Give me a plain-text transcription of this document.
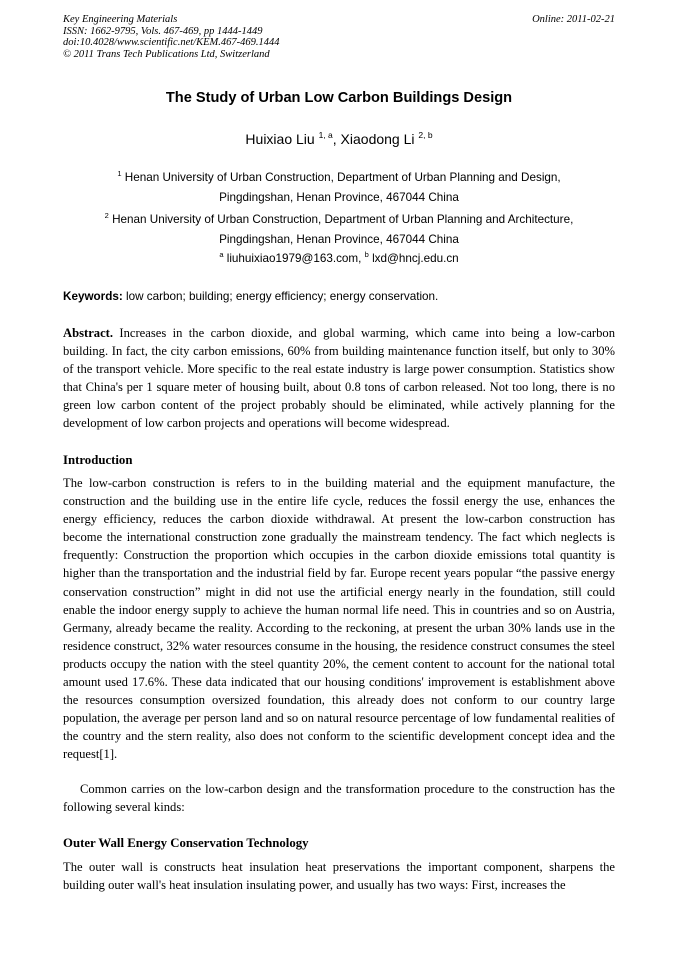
Key Engineering Materials
ISSN: 1662-9795, Vols. 467-469, pp 1444-1449
doi:10.4028/www.scientific.net/KEM.467-469.1444
© 2011 Trans Tech Publications Ltd, Switzerland
Online: 2011-02-21
The Study of Urban Low Carbon Buildings Design
Huixiao Liu $^{1, a}$, Xiaodong Li $^{2, b}$
$^1$ Henan University of Urban Construction, Department of Urban Planning and Design,
Pingdingshan, Henan Province, 467044 China
$^2$ Henan University of Urban Construction, Department of Urban Planning and Architecture,
Pingdingshan, Henan Province, 467044 China
$^a$ liuhuixiao1979@163.com, $^b$ lxd@hncj.edu.cn
Keywords: low carbon; building; energy efficiency; energy conservation.
Abstract. Increases in the carbon dioxide, and global warming, which came into being a low-carbon building. In fact, the city carbon emissions, 60% from building maintenance function itself, but only to 30% of the transport vehicle. More specific to the real estate industry is large power consumption. Statistics show that China's per 1 square meter of housing built, about 0.8 tons of carbon released. Not too long, there is no green low carbon content of the project probably should be eliminated, while actively planning for the development of low carbon projects and operations will become widespread.
Introduction
The low-carbon construction is refers to in the building material and the equipment manufacture, the construction and the building use in the entire life cycle, reduces the fossil energy the use, enhances the energy efficiency, reduces the carbon dioxide withdrawal. At present the low-carbon construction has become the international construction zone gradually the mainstream tendency. The fact which neglects is frequently: Construction the proportion which occupies in the carbon dioxide emissions total quantity is higher than the transportation and the industrial field by far. Europe recent years popular “the passive energy conservation construction” might in did not use the artificial energy nearly in the foundation, still could enable the indoor energy supply to achieve the human normal life need. This in countries and so on Austria, Germany, already became the reality. According to the reckoning, at present the urban 30% lands use in the residence construct, 32% water resources consume in the housing, the residence construct consumes the steel products occupy the nation with the steel quantity 20%, the cement content to account for the national total amount used 17.6%. These data indicated that our housing conditions' improvement is establishment above the resources consumption oversized foundation, this already does not conform to our country large population, the average per person land and so on natural resource percentage of low fundamental realities of the country and the stern reality, also does not conform to the scientific development concept idea and the request[1].
Common carries on the low-carbon design and the transformation procedure to the construction has the following several kinds:
Outer Wall Energy Conservation Technology
The outer wall is constructs heat insulation heat preservations the important component, sharpens the building outer wall's heat insulation insulating power, and usually has two ways: First, increases the
